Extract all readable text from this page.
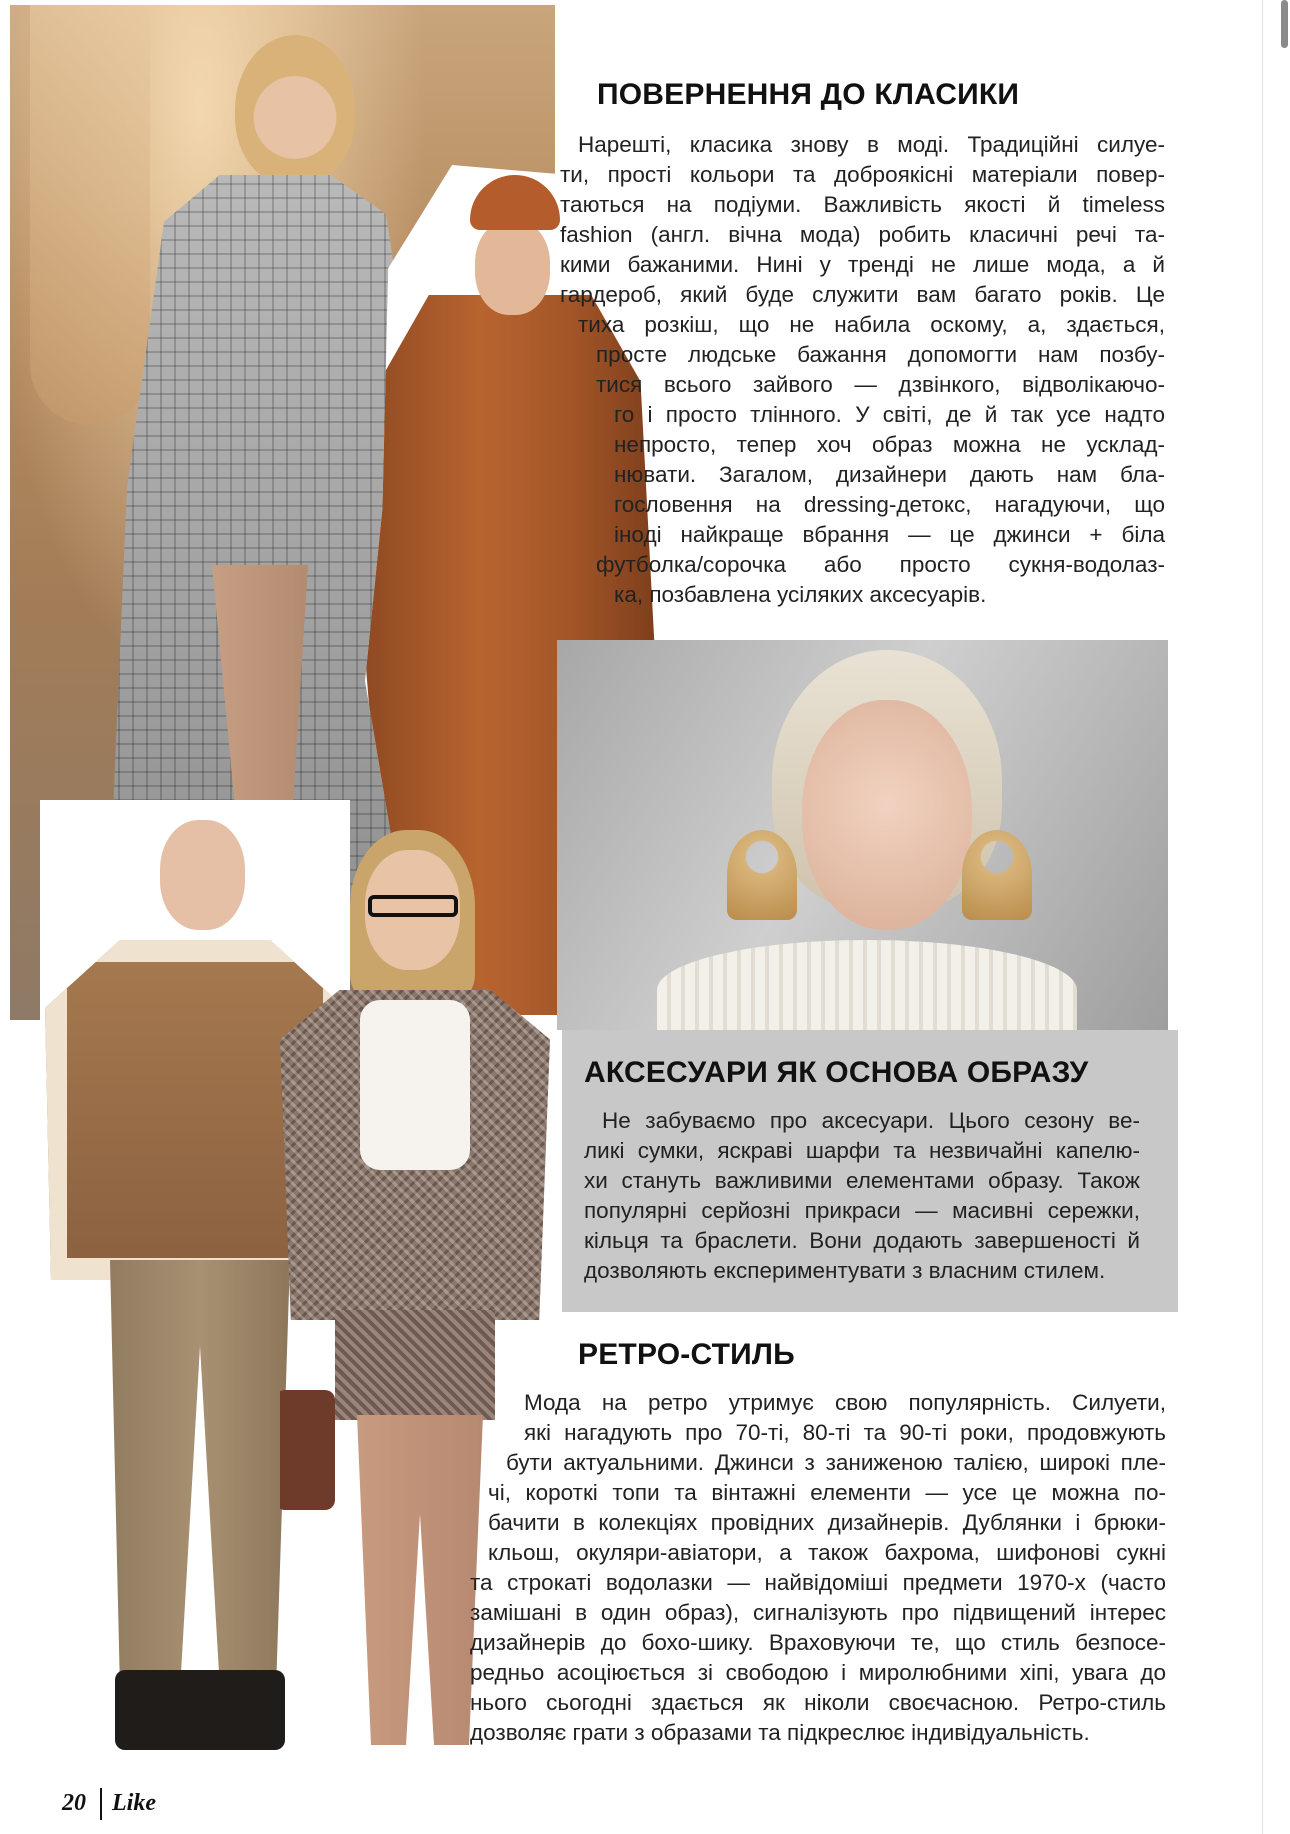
ПОВЕРНЕННЯ ДО КЛАСИКИ
Нарешті, класика знову в моді. Традиційні силуе-
ти, прості кольори та доброякісні матеріали повер-
таються на подіуми. Важливість якості й timeless
fashion (англ. вічна мода) робить класичні речі та-
кими бажаними. Нині у тренді не лише мода, а й
гардероб, який буде служити вам багато років. Це
тиха розкіш, що не набила оскому, а, здається,
просте людське бажання допомогти нам позбу-
тися всього зайвого — дзвінкого, відволікаючо-
го і просто тлінного. У світі, де й так усе надто
непросто, тепер хоч образ можна не усклад-
нювати. Загалом, дизайнери дають нам бла-
гословення на dressing-детокс, нагадуючи, що
іноді найкраще вбрання — це джинси + біла
футболка/сорочка або просто сукня-водолаз-
ка, позбавлена усіляких аксесуарів.
АКСЕСУАРИ ЯК ОСНОВА ОБРАЗУ
Не забуваємо про аксесуари. Цього сезону ве-
ликі сумки, яскраві шарфи та незвичайні капелю-
хи стануть важливими елементами образу. Також
популярні серйозні прикраси — масивні сережки,
кільця та браслети. Вони додають завершеності й
дозволяють експериментувати з власним стилем.
РЕТРО-СТИЛЬ
Мода на ретро утримує свою популярність. Силуети,
які нагадують про 70-ті, 80-ті та 90-ті роки, продовжують
бути актуальними. Джинси з заниженою талією, широкі пле-
чі, короткі топи та вінтажні елементи — усе це можна по-
бачити в колекціях провідних дизайнерів. Дублянки і брюки-
кльош, окуляри-авіатори, а також бахрома, шифонові сукні
та строкаті водолазки — найвідоміші предмети 1970-х (часто
замішані в один образ), сигналізують про підвищений інтерес
дизайнерів до бохо-шику. Враховуючи те, що стиль безпосе-
редньо асоціюється зі свободою і миролюбними хіпі, увага до
нього сьогодні здається як ніколи своєчасною. Ретро-стиль
дозволяє грати з образами та підкреслює індивідуальність.
20 Like
